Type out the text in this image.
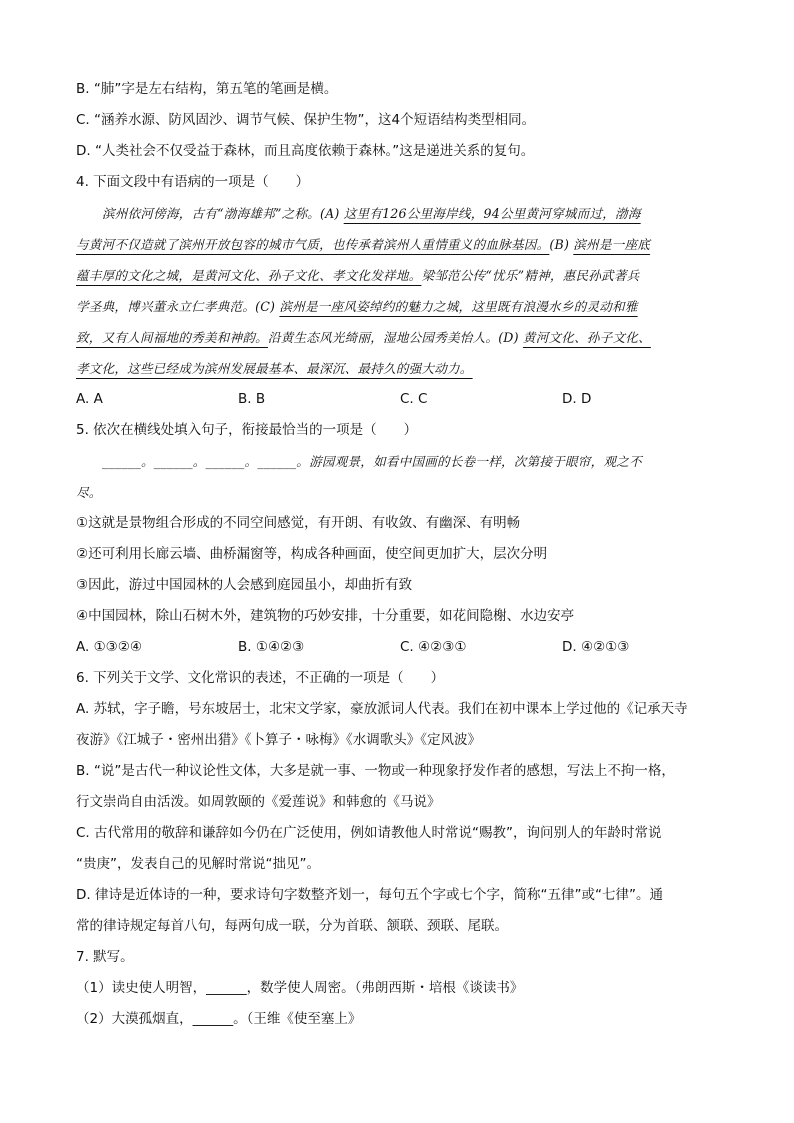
B. “肺”字是左右结构，第五笔的笔画是横。
C. “涵养水源、防风固沙、调节气候、保护生物”，这4个短语结构类型相同。
D. “人类社会不仅受益于森林，而且高度依赖于森林。”这是递进关系的复句。
4. 下面文段中有语病的一项是（　　）
滨州依河傍海，古有“渤海雄邦”之称。(A) 这里有126公里海岸线，94公里黄河穿城而过，渤海
与黄河不仅造就了滨州开放包容的城市气质，也传承着滨州人重情重义的血脉基因。(B) 滨州是一座底
蕴丰厚的文化之城，是黄河文化、孙子文化、孝文化发祥地。梁邹范公传“忧乐”精神，惠民孙武著兵
学圣典，博兴董永立仁孝典范。(C) 滨州是一座风姿绰约的魅力之城，这里既有浪漫水乡的灵动和雅
致，又有人间福地的秀美和神韵。沿黄生态风光绮丽，湿地公园秀美怡人。(D) 黄河文化、孙子文化、
孝文化，这些已经成为滨州发展最基本、最深沉、最持久的强大动力。
A. A	B. B	C. C	D. D
5. 依次在横线处填入句子，衔接最恰当的一项是（　　）
______。______。______。______。游园观景，如看中国画的长卷一样，次第接于眼帘，观之不
尽。
①这就是景物组合形成的不同空间感觉，有开朗、有收敛、有幽深、有明畅
②还可利用长廊云墙、曲桥漏窗等，构成各种画面，使空间更加扩大，层次分明
③因此，游过中国园林的人会感到庭园虽小，却曲折有致
④中国园林，除山石树木外，建筑物的巧妙安排，十分重要，如花间隐榭、水边安亭
A. ①③②④	B. ①④②③	C. ④②③①	D. ④②①③
6. 下列关于文学、文化常识的表述，不正确的一项是（　　）
A. 苏轼，字子瞻，号东坡居士，北宋文学家，豪放派词人代表。我们在初中课本上学过他的《记承天寺
夜游》《江城子・密州出猎》《卜算子・咏梅》《水调歌头》《定风波》
B. “说”是古代一种议论性文体，大多是就一事、一物或一种现象抒发作者的感想，写法上不拘一格，
行文崇尚自由活泼。如周敦颐的《爱莲说》和韩愈的《马说》
C. 古代常用的敬辞和谦辞如今仍在广泛使用，例如请教他人时常说“赐教”，询问别人的年龄时常说
“贵庚”，发表自己的见解时常说“拙见”。
D. 律诗是近体诗的一种，要求诗句字数整齐划一，每句五个字或七个字，简称“五律”或“七律”。通
常的律诗规定每首八句，每两句成一联，分为首联、颔联、颈联、尾联。
7. 默写。
（1）读史使人明智，______，数学使人周密。（弗朗西斯・培根《谈读书》
（2）大漠孤烟直，______。（王维《使至塞上》
